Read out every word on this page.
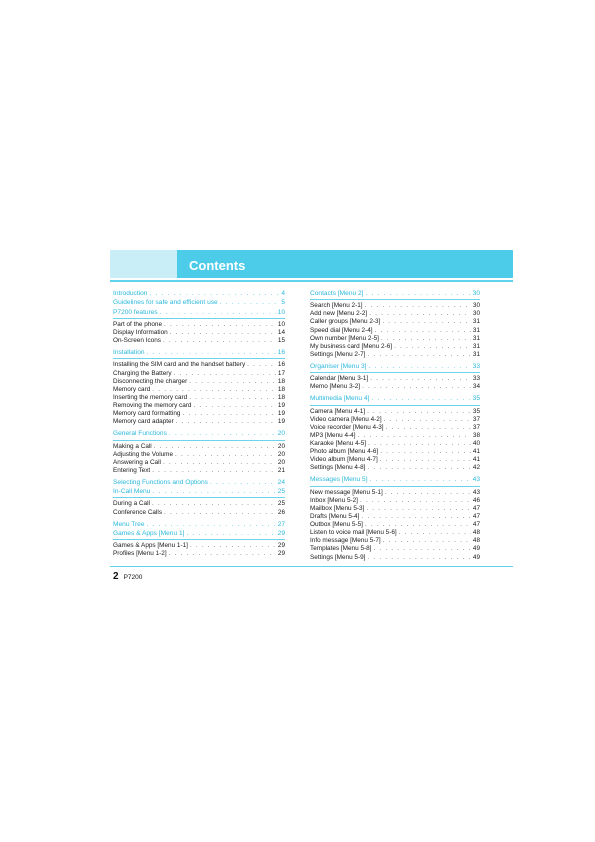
Contents
Introduction . . .	4
Guidelines for safe and efficient use . . .	5
P7200 features . . .	10
Part of the phone . . .	10
Display Information . . .	14
On-Screen Icons . . .	15
Installation . . .	16
Installing the SIM card and the handset battery . . .	16
Charging the Battery . . .	17
Disconnecting the charger . . .	18
Memory card . . .	18
Inserting the memory card . . .	18
Removing the memory card . . .	19
Memory card formatting . . .	19
Memory card adapter . . .	19
General Functions . . .	20
Making a Call . . .	20
Adjusting the Volume . . .	20
Answering a Call . . .	20
Entering Text . . .	21
Selecting Functions and Options . . .	24
In-Call Menu . . .	25
During a Call . . .	25
Conference Calls . . .	26
Menu Tree . . .	27
Games & Apps [Menu 1] . . .	29
Games & Apps [Menu 1-1] . . .	29
Profiles [Menu 1-2] . . .	29
Contacts [Menu 2] . . .	30
Search [Menu 2-1] . . .	30
Add new [Menu 2-2] . . .	30
Caller groups [Menu 2-3] . . .	31
Speed dial [Menu 2-4] . . .	31
Own number [Menu 2-5] . . .	31
My business card [Menu 2-6] . . .	31
Settings [Menu 2-7] . . .	31
Organiser [Menu 3] . . .	33
Calendar [Menu 3-1] . . .	33
Memo [Menu 3-2] . . .	34
Multimedia [Menu 4] . . .	35
Camera [Menu 4-1] . . .	35
Video camera [Menu 4-2] . . .	37
Voice recorder [Menu 4-3] . . .	37
MP3 [Menu 4-4] . . .	38
Karaoke [Menu 4-5] . . .	40
Photo album [Menu 4-6] . . .	41
Video album [Menu 4-7] . . .	41
Settings [Menu 4-8] . . .	42
Messages [Menu 5] . . .	43
New message [Menu 5-1] . . .	43
Inbox [Menu 5-2] . . .	46
Mailbox [Menu 5-3] . . .	47
Drafts [Menu 5-4] . . .	47
Outbox [Menu 5-5] . . .	47
Listen to voice mail [Menu 5-6] . . .	48
Info message [Menu 5-7] . . .	48
Templates [Menu 5-8] . . .	49
Settings [Menu 5-9] . . .	49
2 P7200
